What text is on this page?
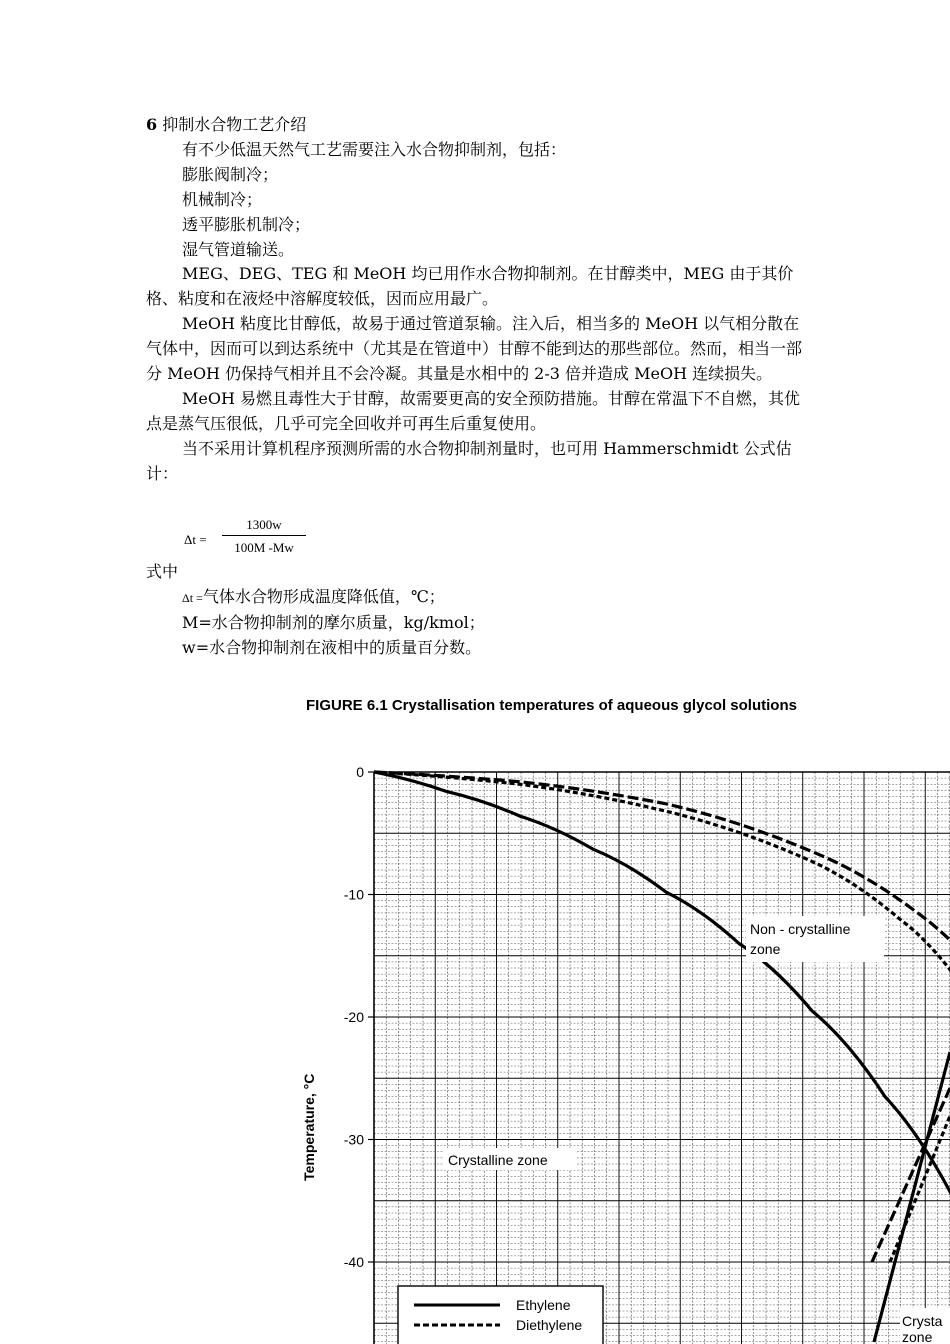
6 抑制水合物工艺介绍

有不少低温天然气工艺需要注入水合物抑制剂，包括：

膨胀阀制冷；

机械制冷；

透平膨胀机制冷；

湿气管道输送。

MEG、DEG、TEG 和 MeOH 均已用作水合物抑制剂。在甘醇类中，MEG 由于其价格、粘度和在液烃中溶解度较低，因而应用最广。

MeOH 粘度比甘醇低，故易于通过管道泵输。注入后，相当多的 MeOH 以气相分散在气体中，因而可以到达系统中（尤其是在管道中）甘醇不能到达的那些部位。然而，相当一部分 MeOH 仍保持气相并且不会冷凝。其量是水相中的 2-3 倍并造成 MeOH 连续损失。

MeOH 易燃且毒性大于甘醇，故需要更高的安全预防措施。甘醇在常温下不自燃，其优点是蒸气压很低，几乎可完全回收并可再生后重复使用。

当不采用计算机程序预测所需的水合物抑制剂量时，也可用 Hammerschmidt 公式估计：

Δt =
1300w
100M -Mw

式中

Δt =气体水合物形成温度降低值，℃；

M=水合物抑制剂的摩尔质量，kg/kmol；

w=水合物抑制剂在液相中的质量百分数。

FIGURE 6.1 Crystallisation temperatures of aqueous glycol solutions
0
-10
-20
-30
-40
Temperature, °C
Non - crystalline zone
Crystalline zone
Crysta zone
Ethylene
Diethylene
